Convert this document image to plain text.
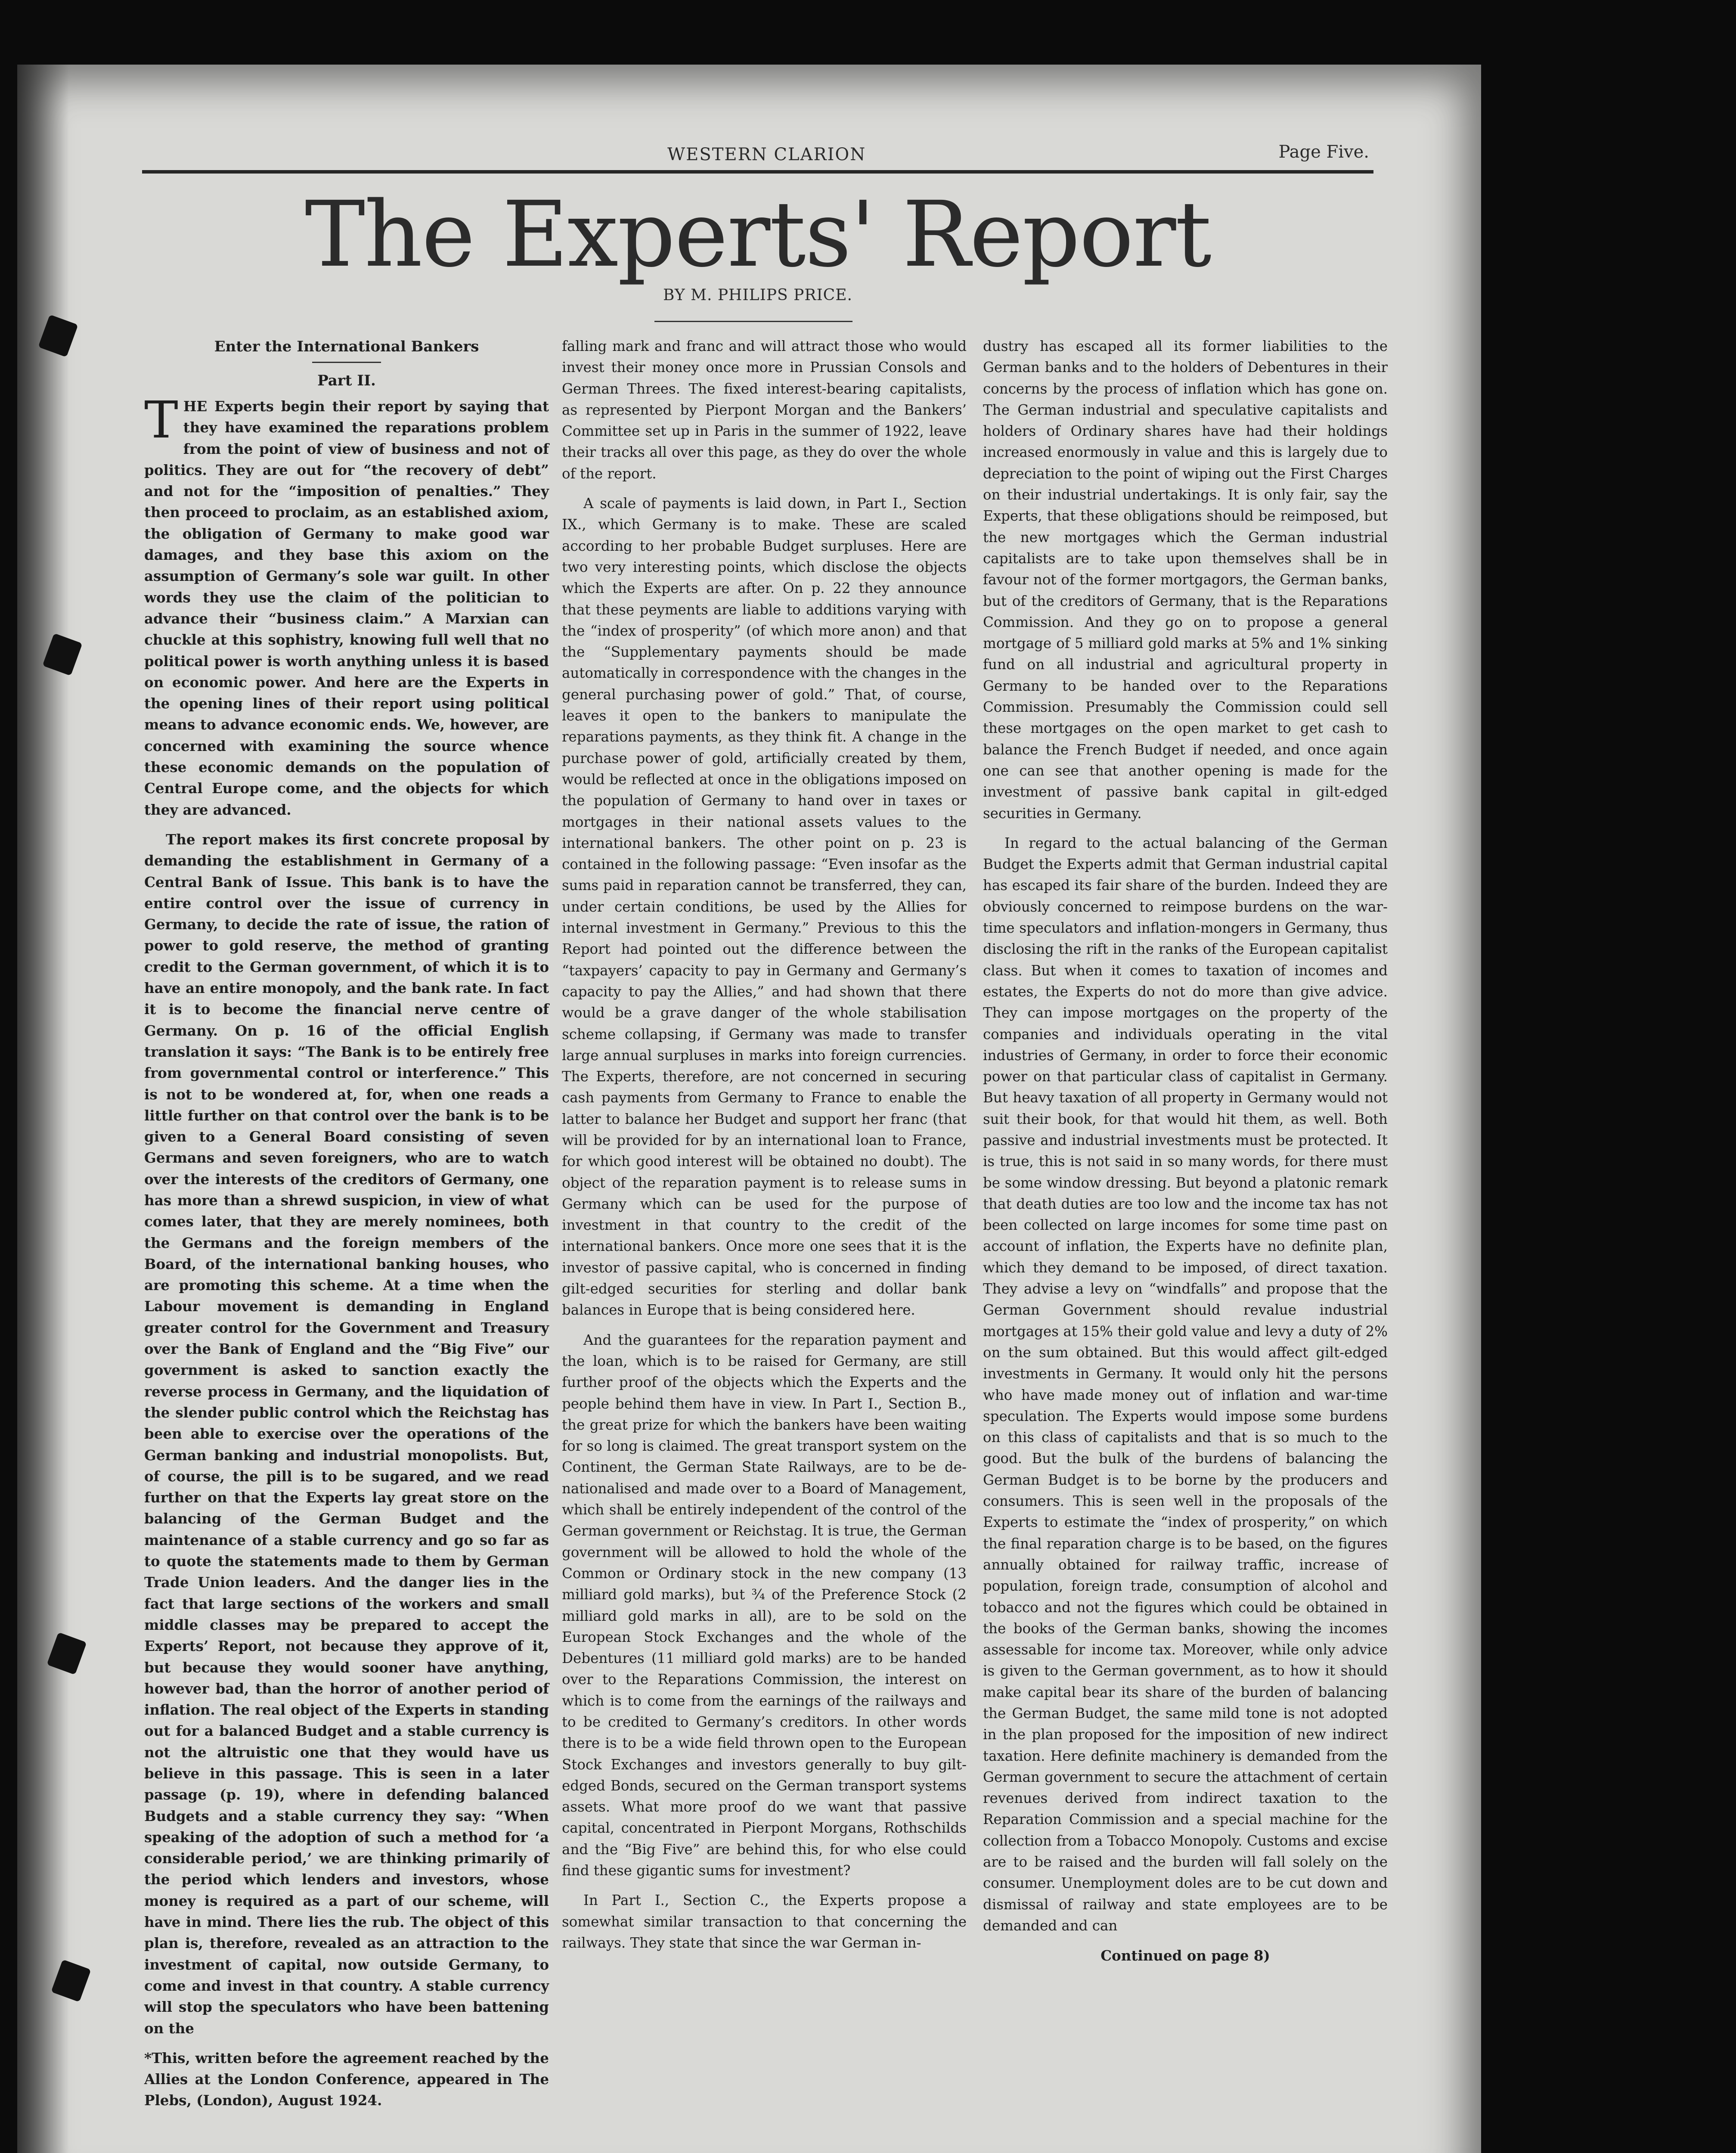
WESTERN CLARION	Page Five.
The Experts' Report
BY M. PHILIPS PRICE.
Enter the International Bankers
Part II.

THE Experts begin their report by saying that they have examined the reparations problem from the point of view of business and not of politics. They are out for “the recovery of debt” and not for the “imposition of penalties.” They then proceed to proclaim, as an established axiom, the obligation of Germany to make good war damages, and they base this axiom on the assumption of Germany’s sole war guilt. In other words they use the claim of the politician to advance their “business claim.” A Marxian can chuckle at this sophistry, knowing full well that no political power is worth anything unless it is based on economic power. And here are the Experts in the opening lines of their report using political means to advance economic ends. We, however, are concerned with examining the source whence these economic demands on the population of Central Europe come, and the objects for which they are advanced.

The report makes its first concrete proposal by demanding the establishment in Germany of a Central Bank of Issue. This bank is to have the entire control over the issue of currency in Germany, to decide the rate of issue, the ration of power to gold reserve, the method of granting credit to the German government, of which it is to have an entire monopoly, and the bank rate. In fact it is to become the financial nerve centre of Germany. On p. 16 of the official English translation it says: “The Bank is to be entirely free from governmental control or interference.” This is not to be wondered at, for, when one reads a little further on that control over the bank is to be given to a General Board consisting of seven Germans and seven foreigners, who are to watch over the interests of the creditors of Germany, one has more than a shrewd suspicion, in view of what comes later, that they are merely nominees, both the Germans and the foreign members of the Board, of the international banking houses, who are promoting this scheme. At a time when the Labour movement is demanding in England greater control for the Government and Treasury over the Bank of England and the “Big Five” our government is asked to sanction exactly the reverse process in Germany, and the liquidation of the slender public control which the Reichstag has been able to exercise over the operations of the German banking and industrial monopolists. But, of course, the pill is to be sugared, and we read further on that the Experts lay great store on the balancing of the German Budget and the maintenance of a stable currency and go so far as to quote the statements made to them by German Trade Union leaders. And the danger lies in the fact that large sections of the workers and small middle classes may be prepared to accept the Experts’ Report, not because they approve of it, but because they would sooner have anything, however bad, than the horror of another period of inflation. The real object of the Experts in standing out for a balanced Budget and a stable currency is not the altruistic one that they would have us believe in this passage. This is seen in a later passage (p. 19), where in defending balanced Budgets and a stable currency they say: “When speaking of the adoption of such a method for ‘a considerable period,’ we are thinking primarily of the period which lenders and investors, whose money is required as a part of our scheme, will have in mind. There lies the rub. The object of this plan is, therefore, revealed as an attraction to the investment of capital, now outside Germany, to come and invest in that country. A stable currency will stop the speculators who have been battening on the

*This, written before the agreement reached by the Allies at the London Conference, appeared in The Plebs, (London), August 1924.

falling mark and franc and will attract those who would invest their money once more in Prussian Consols and German Threes. The fixed interest-bearing capitalists, as represented by Pierpont Morgan and the Bankers’ Committee set up in Paris in the summer of 1922, leave their tracks all over this page, as they do over the whole of the report.

A scale of payments is laid down, in Part I., Section IX., which Germany is to make. These are scaled according to her probable Budget surpluses. Here are two very interesting points, which disclose the objects which the Experts are after. On p. 22 they announce that these peyments are liable to additions varying with the “index of prosperity” (of which more anon) and that the “Supplementary payments should be made automatically in correspondence with the changes in the general purchasing power of gold.” That, of course, leaves it open to the bankers to manipulate the reparations payments, as they think fit. A change in the purchase power of gold, artificially created by them, would be reflected at once in the obligations imposed on the population of Germany to hand over in taxes or mortgages in their national assets values to the international bankers. The other point on p. 23 is contained in the following passage: “Even insofar as the sums paid in reparation cannot be transferred, they can, under certain conditions, be used by the Allies for internal investment in Germany.” Previous to this the Report had pointed out the difference between the “taxpayers’ capacity to pay in Germany and Germany’s capacity to pay the Allies,” and had shown that there would be a grave danger of the whole stabilisation scheme collapsing, if Germany was made to transfer large annual surpluses in marks into foreign currencies. The Experts, therefore, are not concerned in securing cash payments from Germany to France to enable the latter to balance her Budget and support her franc (that will be provided for by an international loan to France, for which good interest will be obtained no doubt). The object of the reparation payment is to release sums in Germany which can be used for the purpose of investment in that country to the credit of the international bankers. Once more one sees that it is the investor of passive capital, who is concerned in finding gilt-edged securities for sterling and dollar bank balances in Europe that is being considered here.

And the guarantees for the reparation payment and the loan, which is to be raised for Germany, are still further proof of the objects which the Experts and the people behind them have in view. In Part I., Section B., the great prize for which the bankers have been waiting for so long is claimed. The great transport system on the Continent, the German State Railways, are to be de-nationalised and made over to a Board of Management, which shall be entirely independent of the control of the German government or Reichstag. It is true, the German government will be allowed to hold the whole of the Common or Ordinary stock in the new company (13 milliard gold marks), but ¾ of the Preference Stock (2 milliard gold marks in all), are to be sold on the European Stock Exchanges and the whole of the Debentures (11 milliard gold marks) are to be handed over to the Reparations Commission, the interest on which is to come from the earnings of the railways and to be credited to Germany’s creditors. In other words there is to be a wide field thrown open to the European Stock Exchanges and investors generally to buy gilt-edged Bonds, secured on the German transport systems assets. What more proof do we want that passive capital, concentrated in Pierpont Morgans, Rothschilds and the “Big Five” are behind this, for who else could find these gigantic sums for investment?

In Part I., Section C., the Experts propose a somewhat similar transaction to that concerning the railways. They state that since the war German in-

dustry has escaped all its former liabilities to the German banks and to the holders of Debentures in their concerns by the process of inflation which has gone on. The German industrial and speculative capitalists and holders of Ordinary shares have had their holdings increased enormously in value and this is largely due to depreciation to the point of wiping out the First Charges on their industrial undertakings. It is only fair, say the Experts, that these obligations should be reimposed, but the new mortgages which the German industrial capitalists are to take upon themselves shall be in favour not of the former mortgagors, the German banks, but of the creditors of Germany, that is the Reparations Commission. And they go on to propose a general mortgage of 5 milliard gold marks at 5% and 1% sinking fund on all industrial and agricultural property in Germany to be handed over to the Reparations Commission. Presumably the Commission could sell these mortgages on the open market to get cash to balance the French Budget if needed, and once again one can see that another opening is made for the investment of passive bank capital in gilt-edged securities in Germany.

In regard to the actual balancing of the German Budget the Experts admit that German industrial capital has escaped its fair share of the burden. Indeed they are obviously concerned to reimpose burdens on the war-time speculators and inflation-mongers in Germany, thus disclosing the rift in the ranks of the European capitalist class. But when it comes to taxation of incomes and estates, the Experts do not do more than give advice. They can impose mortgages on the property of the companies and individuals operating in the vital industries of Germany, in order to force their economic power on that particular class of capitalist in Germany. But heavy taxation of all property in Germany would not suit their book, for that would hit them, as well. Both passive and industrial investments must be protected. It is true, this is not said in so many words, for there must be some window dressing. But beyond a platonic remark that death duties are too low and the income tax has not been collected on large incomes for some time past on account of inflation, the Experts have no definite plan, which they demand to be imposed, of direct taxation. They advise a levy on “windfalls” and propose that the German Government should revalue industrial mortgages at 15% their gold value and levy a duty of 2% on the sum obtained. But this would affect gilt-edged investments in Germany. It would only hit the persons who have made money out of inflation and war-time speculation. The Experts would impose some burdens on this class of capitalists and that is so much to the good. But the bulk of the burdens of balancing the German Budget is to be borne by the producers and consumers. This is seen well in the proposals of the Experts to estimate the “index of prosperity,” on which the final reparation charge is to be based, on the figures annually obtained for railway traffic, increase of population, foreign trade, consumption of alcohol and tobacco and not the figures which could be obtained in the books of the German banks, showing the incomes assessable for income tax. Moreover, while only advice is given to the German government, as to how it should make capital bear its share of the burden of balancing the German Budget, the same mild tone is not adopted in the plan proposed for the imposition of new indirect taxation. Here definite machinery is demanded from the German government to secure the attachment of certain revenues derived from indirect taxation to the Reparation Commission and a special machine for the collection from a Tobacco Monopoly. Customs and excise are to be raised and the burden will fall solely on the consumer. Unemployment doles are to be cut down and dismissal of railway and state employees are to be demanded and can

Continued on page 8)
